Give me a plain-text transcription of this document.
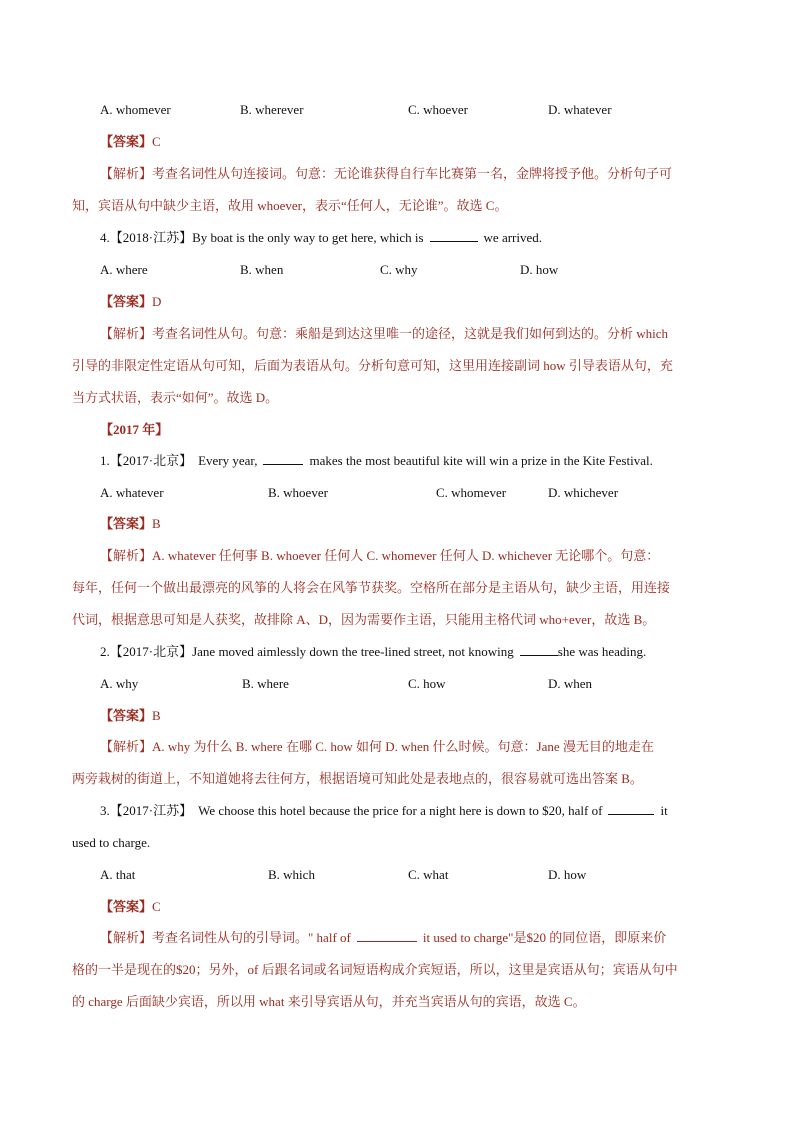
A. whomever	B. wherever	C. whoever	D. whatever
【答案】C
【解析】考查名词性从句连接词。句意：无论谁获得自行车比赛第一名，金牌将授予他。分析句子可
知，宾语从句中缺少主语，故用 whoever，表示“任何人，无论谁”。故选 C。
4.【2018·江苏】By boat is the only way to get here, which is	we arrived.
A. where	B. when	C. why	D. how
【答案】D
【解析】考查名词性从句。句意：乘船是到达这里唯一的途径，这就是我们如何到达的。分析 which
引导的非限定性定语从句可知，后面为表语从句。分析句意可知，这里用连接副词 how 引导表语从句，充
当方式状语，表示“如何”。故选 D。
【2017 年】
1.【2017·北京】 Every year,	makes the most beautiful kite will win a prize in the Kite Festival.
A. whatever	B. whoever	C. whomever	D. whichever
【答案】B
【解析】A. whatever 任何事 B. whoever 任何人 C. whomever 任何人 D. whichever 无论哪个。句意：
每年，任何一个做出最漂亮的风筝的人将会在风筝节获奖。空格所在部分是主语从句，缺少主语，用连接
代词，根据意思可知是人获奖，故排除 A、D，因为需要作主语，只能用主格代词 who+ever，故选 B。
2.【2017·北京】Jane moved aimlessly down the tree-lined street, not knowing	she was heading.
A. why	B. where	C. how	D. when
【答案】B
【解析】A. why 为什么 B. where 在哪 C. how 如何 D. when 什么时候。句意：Jane 漫无目的地走在
两旁栽树的街道上，不知道她将去往何方，根据语境可知此处是表地点的，很容易就可选出答案 B。
3.【2017·江苏】 We choose this hotel because the price for a night here is down to $20, half of	it
used to charge.
A. that	B. which	C. what	D. how
【答案】C
【解析】考查名词性从句的引导词。" half of	it used to charge"是$20 的同位语，即原来价
格的一半是现在的$20；另外，of 后跟名词或名词短语构成介宾短语，所以，这里是宾语从句；宾语从句中
的 charge 后面缺少宾语，所以用 what 来引导宾语从句，并充当宾语从句的宾语，故选 C。
